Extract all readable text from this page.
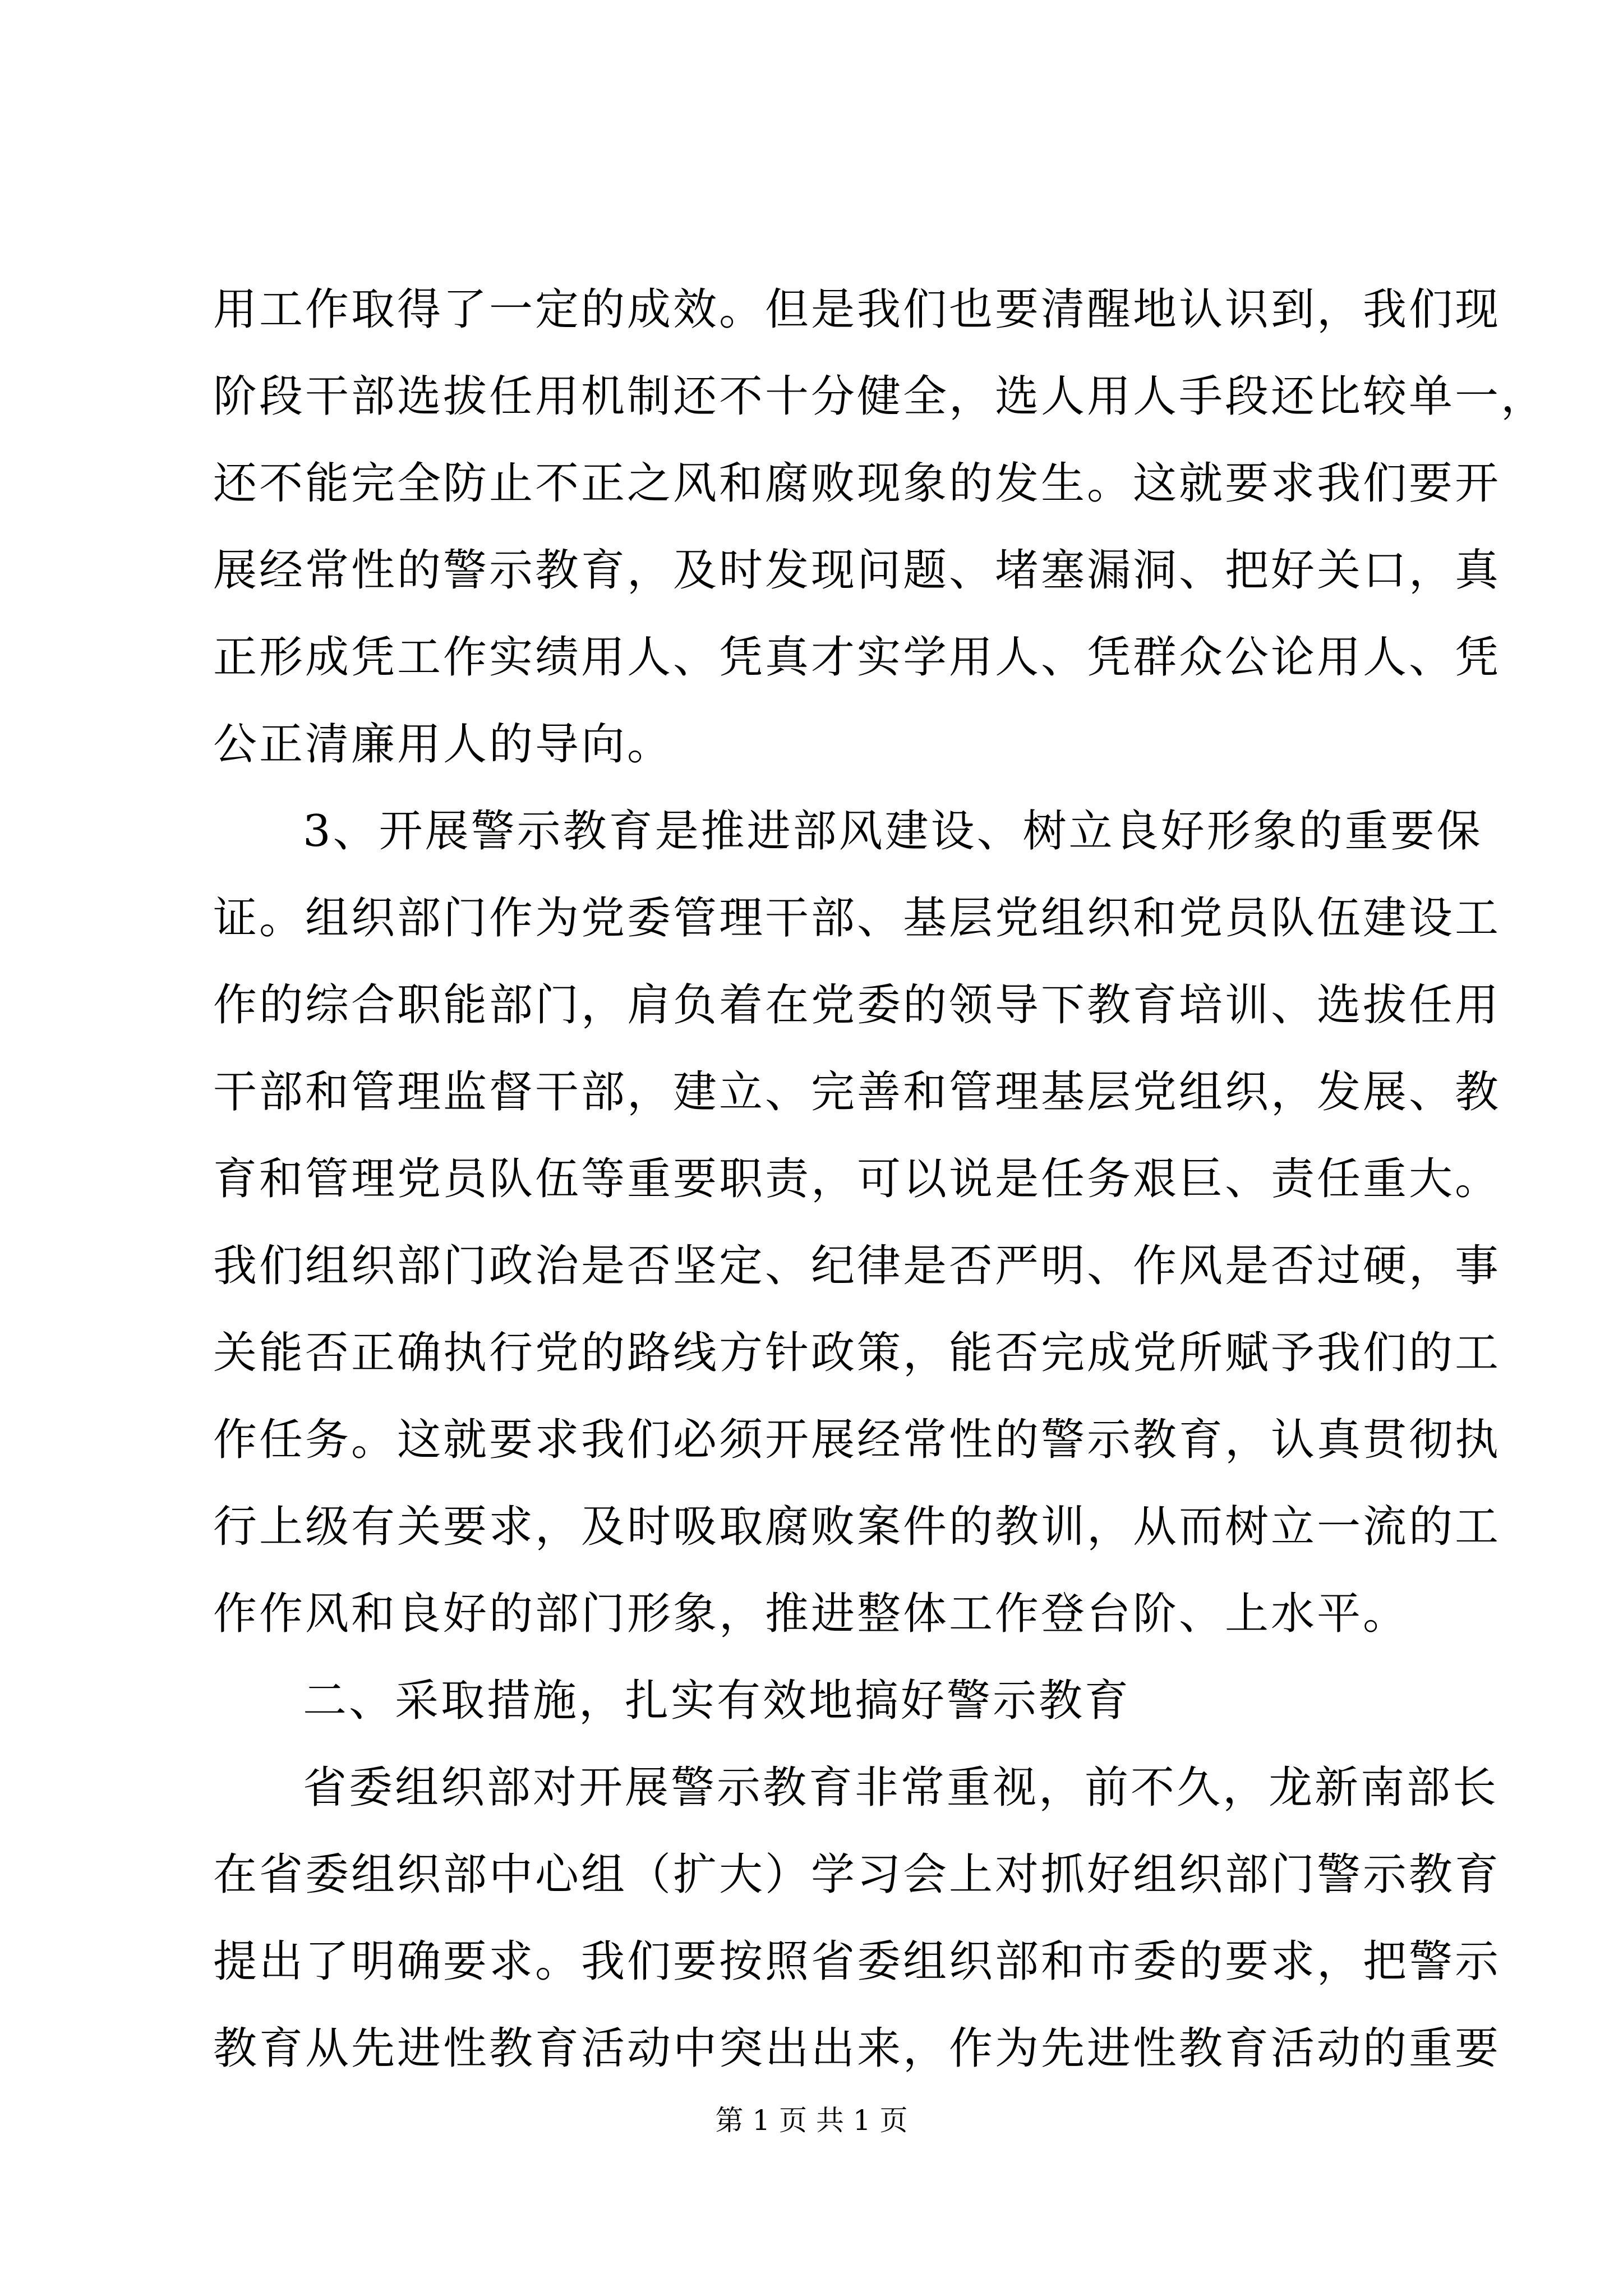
用工作取得了一定的成效。但是我们也要清醒地认识到，我们现
阶段干部选拔任用机制还不十分健全，选人用人手段还比较单一，
还不能完全防止不正之风和腐败现象的发生。这就要求我们要开
展经常性的警示教育，及时发现问题、堵塞漏洞、把好关口，真
正形成凭工作实绩用人、凭真才实学用人、凭群众公论用人、凭
公正清廉用人的导向。
3、开展警示教育是推进部风建设、树立良好形象的重要保
证。组织部门作为党委管理干部、基层党组织和党员队伍建设工
作的综合职能部门，肩负着在党委的领导下教育培训、选拔任用
干部和管理监督干部，建立、完善和管理基层党组织，发展、教
育和管理党员队伍等重要职责，可以说是任务艰巨、责任重大。
我们组织部门政治是否坚定、纪律是否严明、作风是否过硬，事
关能否正确执行党的路线方针政策，能否完成党所赋予我们的工
作任务。这就要求我们必须开展经常性的警示教育，认真贯彻执
行上级有关要求，及时吸取腐败案件的教训，从而树立一流的工
作作风和良好的部门形象，推进整体工作登台阶、上水平。
二、采取措施，扎实有效地搞好警示教育
省委组织部对开展警示教育非常重视，前不久，龙新南部长
在省委组织部中心组（扩大）学习会上对抓好组织部门警示教育
提出了明确要求。我们要按照省委组织部和市委的要求，把警示
教育从先进性教育活动中突出出来，作为先进性教育活动的重要
第 1 页 共 1 页
